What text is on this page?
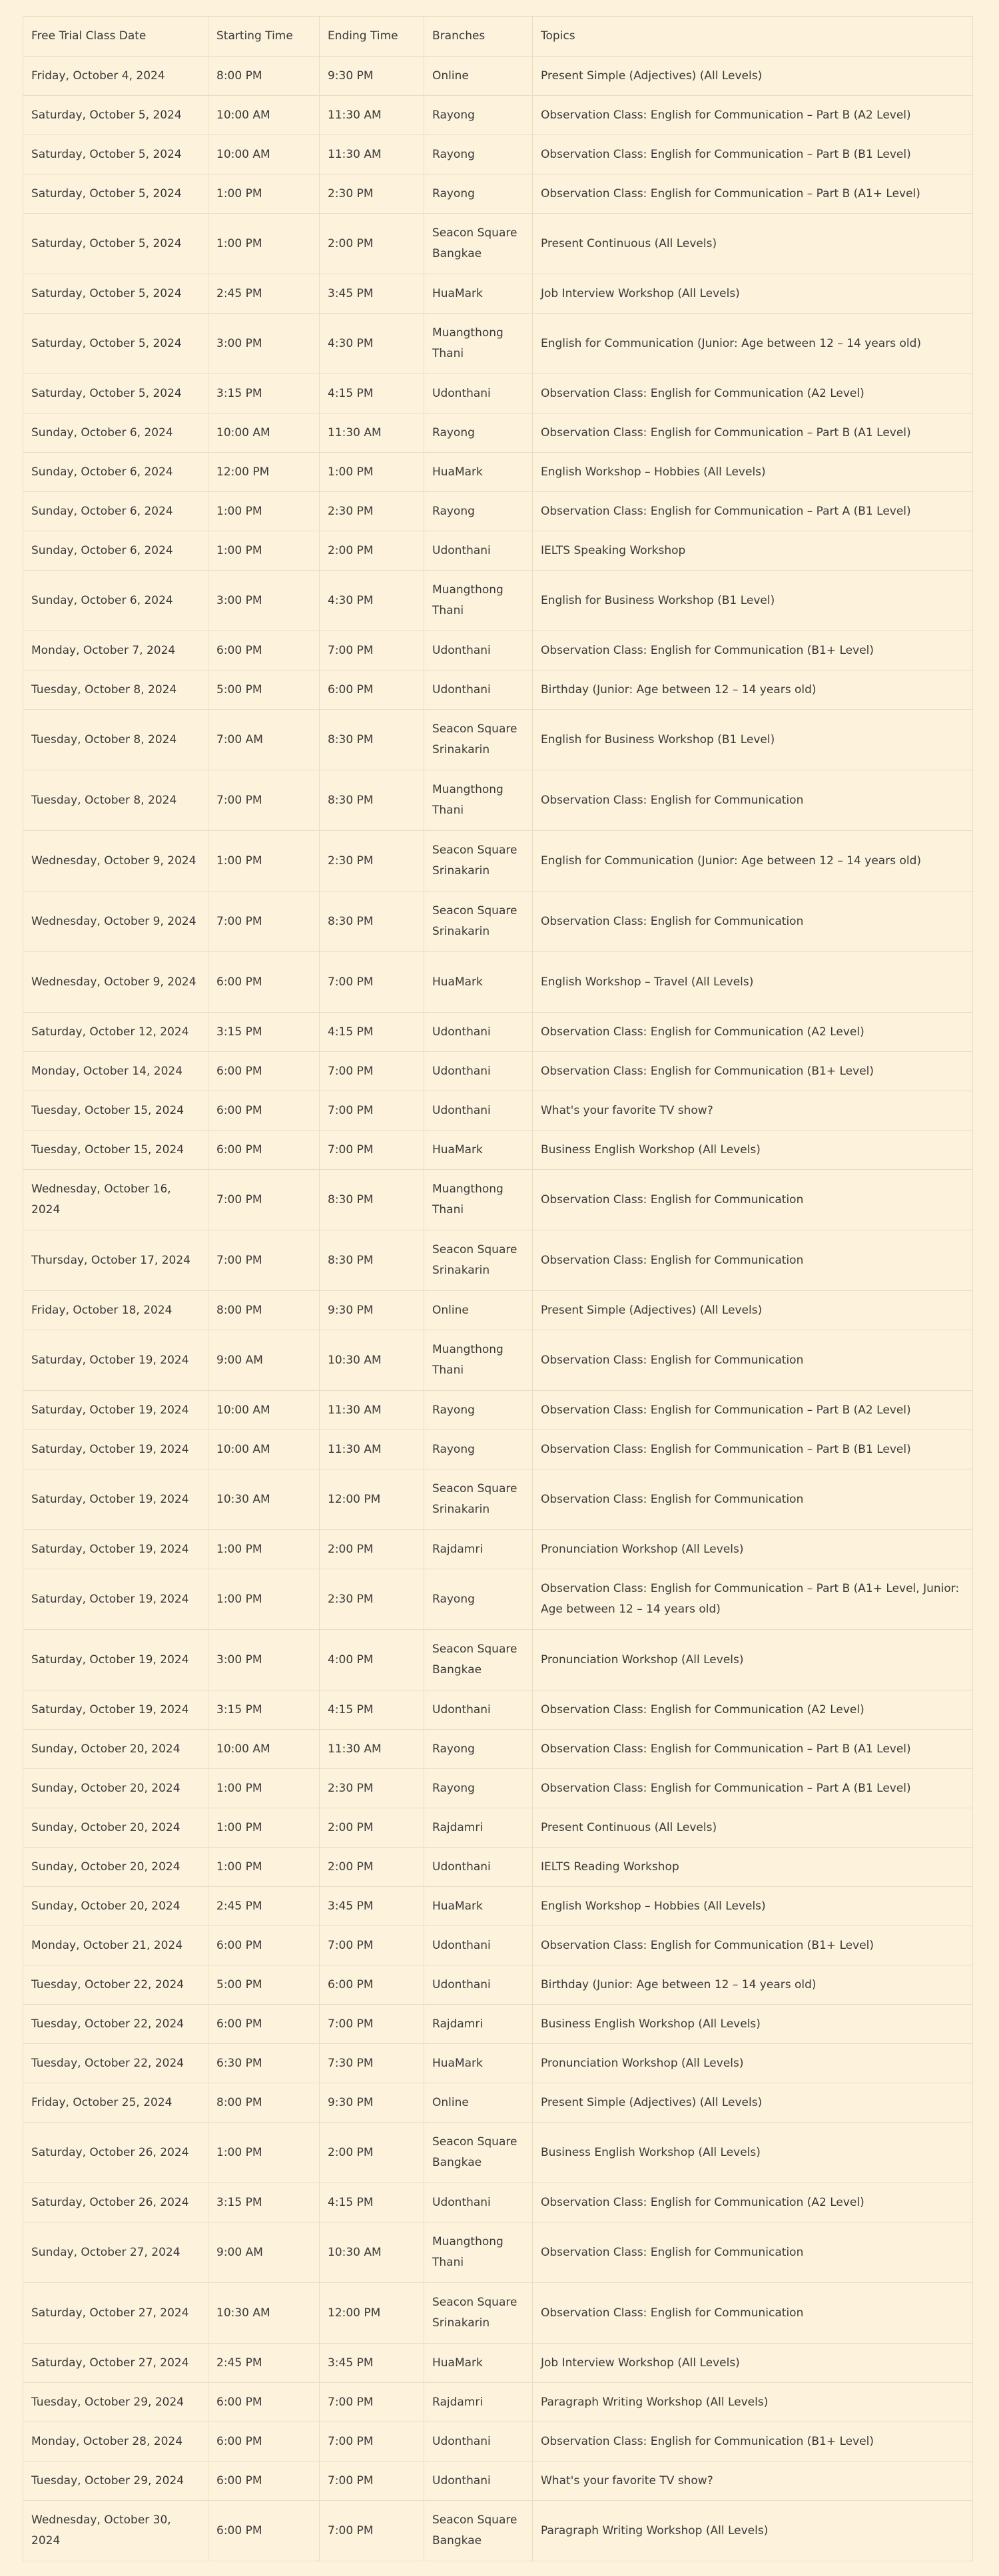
Free Trial Class Date	Starting Time	Ending Time	Branches	Topics
Friday, October 4, 2024	8:00 PM	9:30 PM	Online	Present Simple (Adjectives) (All Levels)
Saturday, October 5, 2024	10:00 AM	11:30 AM	Rayong	Observation Class: English for Communication – Part B (A2 Level)
Saturday, October 5, 2024	10:00 AM	11:30 AM	Rayong	Observation Class: English for Communication – Part B (B1 Level)
Saturday, October 5, 2024	1:00 PM	2:30 PM	Rayong	Observation Class: English for Communication – Part B (A1+ Level)
Saturday, October 5, 2024	1:00 PM	2:00 PM	Seacon Square Bangkae	Present Continuous (All Levels)
Saturday, October 5, 2024	2:45 PM	3:45 PM	HuaMark	Job Interview Workshop (All Levels)
Saturday, October 5, 2024	3:00 PM	4:30 PM	Muangthong Thani	English for Communication (Junior: Age between 12 – 14 years old)
Saturday, October 5, 2024	3:15 PM	4:15 PM	Udonthani	Observation Class: English for Communication (A2 Level)
Sunday, October 6, 2024	10:00 AM	11:30 AM	Rayong	Observation Class: English for Communication – Part B (A1 Level)
Sunday, October 6, 2024	12:00 PM	1:00 PM	HuaMark	English Workshop – Hobbies (All Levels)
Sunday, October 6, 2024	1:00 PM	2:30 PM	Rayong	Observation Class: English for Communication – Part A (B1 Level)
Sunday, October 6, 2024	1:00 PM	2:00 PM	Udonthani	IELTS Speaking Workshop
Sunday, October 6, 2024	3:00 PM	4:30 PM	Muangthong Thani	English for Business Workshop (B1 Level)
Monday, October 7, 2024	6:00 PM	7:00 PM	Udonthani	Observation Class: English for Communication (B1+ Level)
Tuesday, October 8, 2024	5:00 PM	6:00 PM	Udonthani	Birthday (Junior: Age between 12 – 14 years old)
Tuesday, October 8, 2024	7:00 AM	8:30 PM	Seacon Square Srinakarin	English for Business Workshop (B1 Level)
Tuesday, October 8, 2024	7:00 PM	8:30 PM	Muangthong Thani	Observation Class: English for Communication
Wednesday, October 9, 2024	1:00 PM	2:30 PM	Seacon Square Srinakarin	English for Communication (Junior: Age between 12 – 14 years old)
Wednesday, October 9, 2024	7:00 PM	8:30 PM	Seacon Square Srinakarin	Observation Class: English for Communication
Wednesday, October 9, 2024	6:00 PM	7:00 PM	HuaMark	English Workshop – Travel (All Levels)
Saturday, October 12, 2024	3:15 PM	4:15 PM	Udonthani	Observation Class: English for Communication (A2 Level)
Monday, October 14, 2024	6:00 PM	7:00 PM	Udonthani	Observation Class: English for Communication (B1+ Level)
Tuesday, October 15, 2024	6:00 PM	7:00 PM	Udonthani	What's your favorite TV show?
Tuesday, October 15, 2024	6:00 PM	7:00 PM	HuaMark	Business English Workshop (All Levels)
Wednesday, October 16, 2024	7:00 PM	8:30 PM	Muangthong Thani	Observation Class: English for Communication
Thursday, October 17, 2024	7:00 PM	8:30 PM	Seacon Square Srinakarin	Observation Class: English for Communication
Friday, October 18, 2024	8:00 PM	9:30 PM	Online	Present Simple (Adjectives) (All Levels)
Saturday, October 19, 2024	9:00 AM	10:30 AM	Muangthong Thani	Observation Class: English for Communication
Saturday, October 19, 2024	10:00 AM	11:30 AM	Rayong	Observation Class: English for Communication – Part B (A2 Level)
Saturday, October 19, 2024	10:00 AM	11:30 AM	Rayong	Observation Class: English for Communication – Part B (B1 Level)
Saturday, October 19, 2024	10:30 AM	12:00 PM	Seacon Square Srinakarin	Observation Class: English for Communication
Saturday, October 19, 2024	1:00 PM	2:00 PM	Rajdamri	Pronunciation Workshop (All Levels)
Saturday, October 19, 2024	1:00 PM	2:30 PM	Rayong	Observation Class: English for Communication – Part B (A1+ Level, Junior: Age between 12 – 14 years old)
Saturday, October 19, 2024	3:00 PM	4:00 PM	Seacon Square Bangkae	Pronunciation Workshop (All Levels)
Saturday, October 19, 2024	3:15 PM	4:15 PM	Udonthani	Observation Class: English for Communication (A2 Level)
Sunday, October 20, 2024	10:00 AM	11:30 AM	Rayong	Observation Class: English for Communication – Part B (A1 Level)
Sunday, October 20, 2024	1:00 PM	2:30 PM	Rayong	Observation Class: English for Communication – Part A (B1 Level)
Sunday, October 20, 2024	1:00 PM	2:00 PM	Rajdamri	Present Continuous (All Levels)
Sunday, October 20, 2024	1:00 PM	2:00 PM	Udonthani	IELTS Reading Workshop
Sunday, October 20, 2024	2:45 PM	3:45 PM	HuaMark	English Workshop – Hobbies (All Levels)
Monday, October 21, 2024	6:00 PM	7:00 PM	Udonthani	Observation Class: English for Communication (B1+ Level)
Tuesday, October 22, 2024	5:00 PM	6:00 PM	Udonthani	Birthday (Junior: Age between 12 – 14 years old)
Tuesday, October 22, 2024	6:00 PM	7:00 PM	Rajdamri	Business English Workshop (All Levels)
Tuesday, October 22, 2024	6:30 PM	7:30 PM	HuaMark	Pronunciation Workshop (All Levels)
Friday, October 25, 2024	8:00 PM	9:30 PM	Online	Present Simple (Adjectives) (All Levels)
Saturday, October 26, 2024	1:00 PM	2:00 PM	Seacon Square Bangkae	Business English Workshop (All Levels)
Saturday, October 26, 2024	3:15 PM	4:15 PM	Udonthani	Observation Class: English for Communication (A2 Level)
Sunday, October 27, 2024	9:00 AM	10:30 AM	Muangthong Thani	Observation Class: English for Communication
Saturday, October 27, 2024	10:30 AM	12:00 PM	Seacon Square Srinakarin	Observation Class: English for Communication
Saturday, October 27, 2024	2:45 PM	3:45 PM	HuaMark	Job Interview Workshop (All Levels)
Tuesday, October 29, 2024	6:00 PM	7:00 PM	Rajdamri	Paragraph Writing Workshop (All Levels)
Monday, October 28, 2024	6:00 PM	7:00 PM	Udonthani	Observation Class: English for Communication (B1+ Level)
Tuesday, October 29, 2024	6:00 PM	7:00 PM	Udonthani	What's your favorite TV show?
Wednesday, October 30, 2024	6:00 PM	7:00 PM	Seacon Square Bangkae	Paragraph Writing Workshop (All Levels)
